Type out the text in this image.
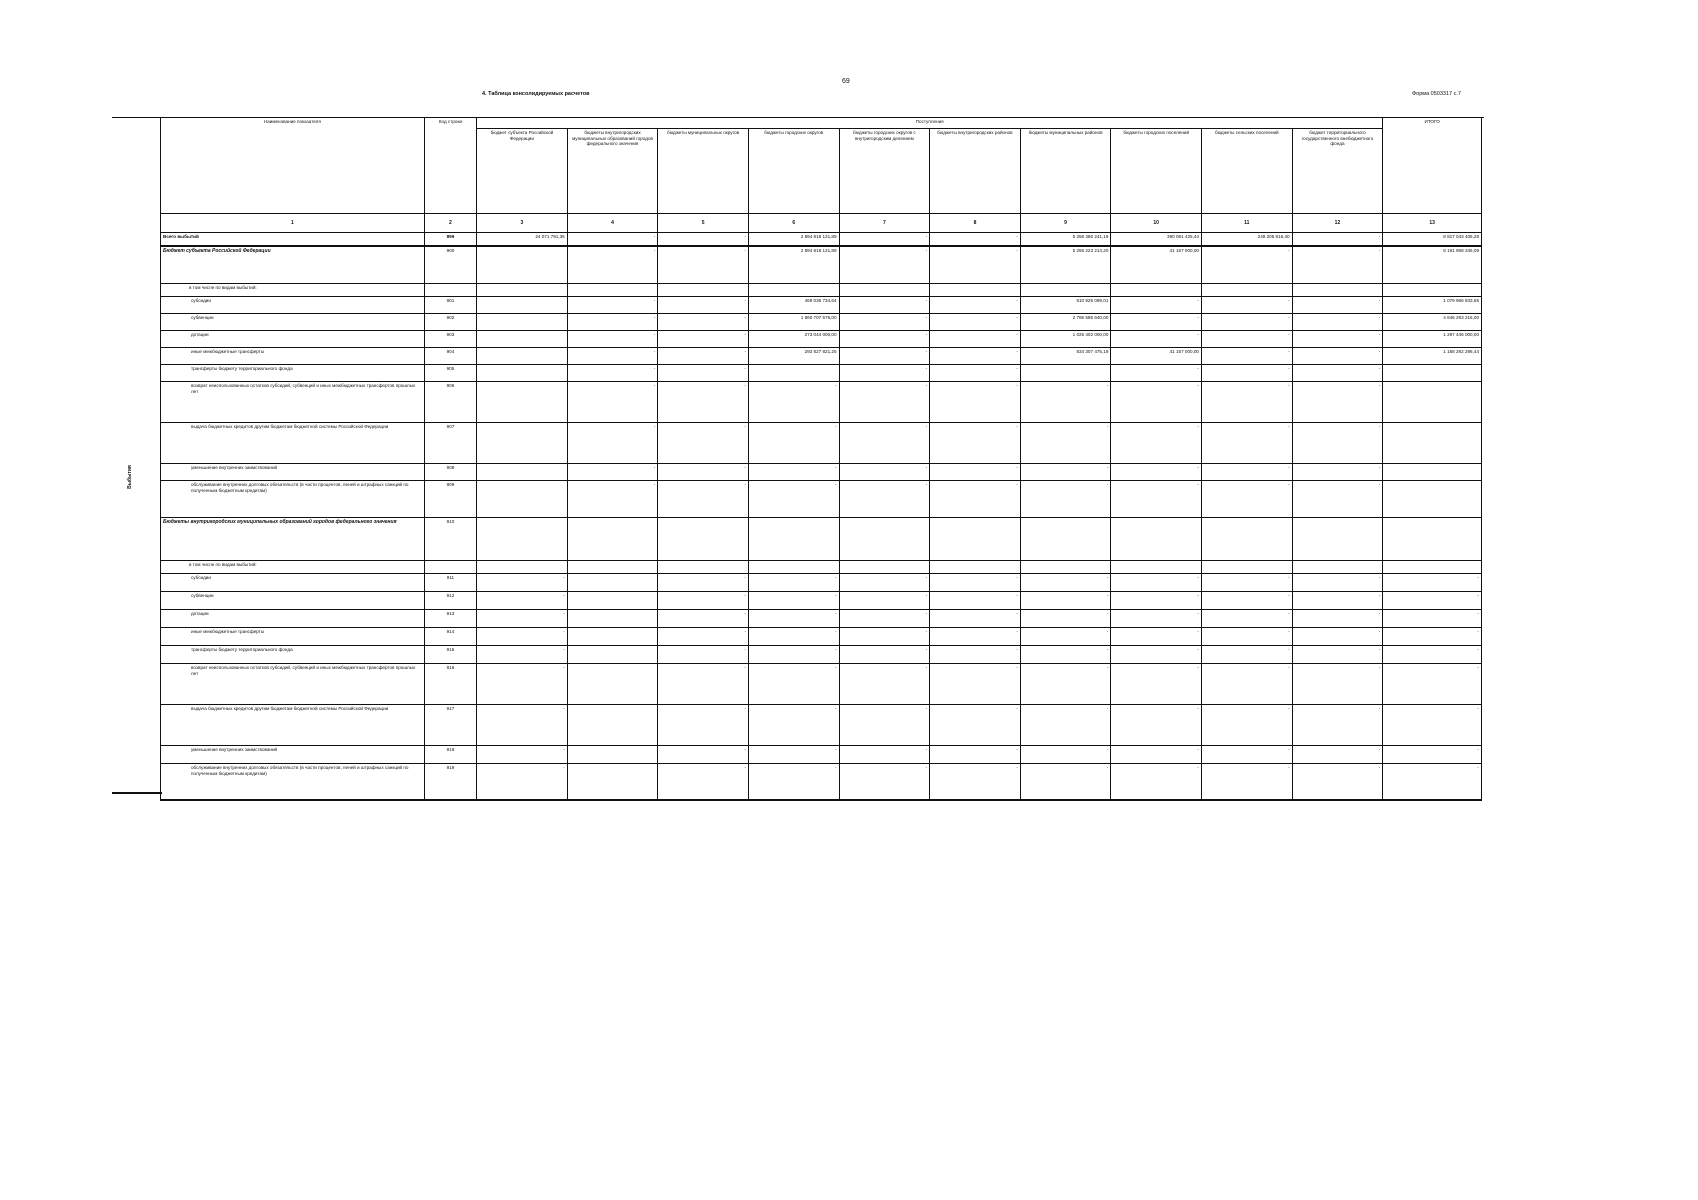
69
4. Таблица консолидируемых расчетов	Форма 0503317 с.7
Выбытия
Наименование показателя	Код строки	Поступления										ИТОГО
		бюджет субъекта Российской Федерации	бюджеты внутригородских муниципальных образований городов федерального значения	бюджеты муниципальных округов	бюджеты городских округов	бюджеты городских округов с внутригородским делением	бюджеты внутригородских районов	бюджеты муниципальных районов	бюджеты городских поселений	бюджеты сельских поселений	бюджет территориального государственного внебюджетного фонда	
1	2	3	4	5	6	7	8	9	10	11	12	13
Всего выбытий	899	24 071 791,36	-	-	2 894 818 131,89	-	-	5 258 386 241,19	390 081 425,44	249 205 816,40	-	8 817 043 406,28
Бюджет субъекта Российской Федерации	900		-	-	2 894 818 131,89	-	-	5 256 223 214,20	41 157 000,00	-	-	8 191 958 346,09
в том числе по видам выбытий:												
субсидии	901		-	-	469 036 734,64	-	-	610 925 099,01	-	-	-	1 079 966 833,65
субвенции	902		-	-	1 860 707 576,00	-	-	2 785 585 640,00	-	-	-	4 646 293 216,00
дотации	903		-	-	273 044 000,00	-	-	1 025 402 000,00	-	-	-	1 297 446 000,00
иные межбюджетные трансферты	904		-	-	292 827 821,25	-	-	834 307 475,19	41 157 000,00	-	-	1 168 292 296,44
трансферты бюджету территориального фонда	905		-	-		-	-		-	-	-	
возврат неиспользованных остатков субсидий, субвенций и иных межбюджетных трансфертов прошлых лет	906		-	-	-	-	-	-	-	-	-	
выдача бюджетных кредитов другим бюджетам бюджетной системы Российской Федерации	907		-	-	-	-	-	-	-	-	-	
уменьшение внутренних заимствований	908		-	-	-	-	-	-	-	-	-	
обслуживание внутренних долговых обязательств (в части процентов, пеней и штрафных санкций по полученным бюджетным кредитам)	909		-	-	-	-	-	-	-	-	-	
Бюджеты внутригородских муниципальных образований городов федерального значения	910											
в том числе по видам выбытий:												
субсидии	911	-		-	-	-	-	-	-	-	-	-
субвенции	912	-		-	-	-	-	-	-	-	-	-
дотации	913	-		-	-	-	-	-	-	-	-	-
иные межбюджетные трансферты	914	-		-	-	-	-	-	-	-	-	-
трансферты бюджету территориального фонда	915	-		-	-	-	-	-	-	-	-	-
возврат неиспользованных остатков субсидий, субвенций и иных межбюджетных трансфертов прошлых лет	916	-		-	-	-	-	-	-	-	-	-
выдача бюджетных кредитов другим бюджетам бюджетной системы Российской Федерации	917	-		-	-	-	-	-	-	-	-	-
уменьшение внутренних заимствований	918	-		-	-	-	-	-	-	-	-	-
обслуживание внутренних долговых обязательств (в части процентов, пеней и штрафных санкций по полученным бюджетным кредитам)	919	-		-	-	-	-	-	-	-	-	-
